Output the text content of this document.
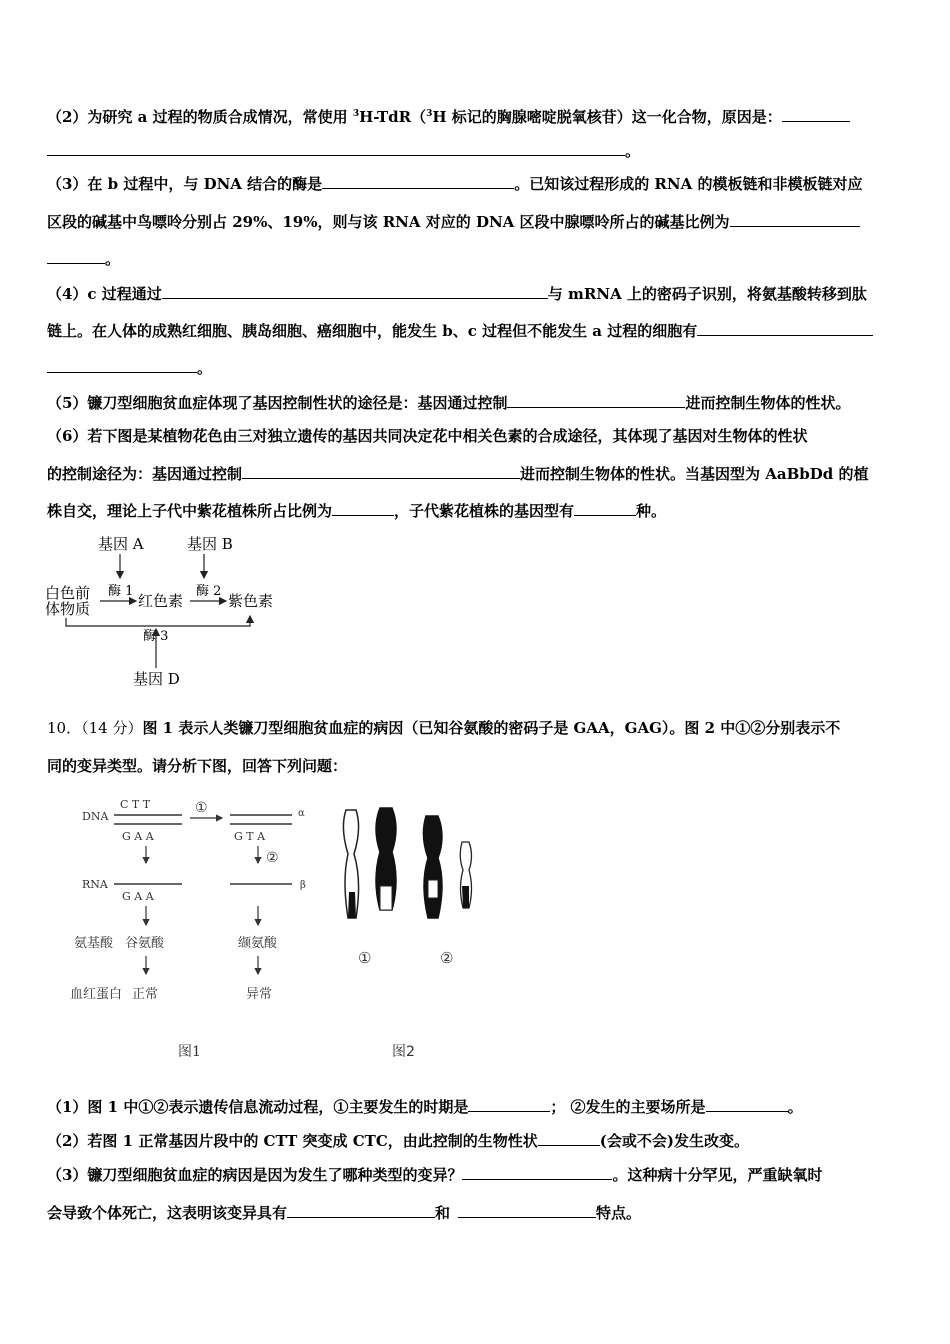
（2）为研究 a 过程的物质合成情况，常使用 $^3$H-TdR（$^3$H 标记的胸腺嘧啶脱氧核苷）这一化合物，原因是：
。
（3）在 b 过程中，与 DNA 结合的酶是	。已知该过程形成的 RNA 的模板链和非模板链对应
区段的碱基中鸟嘌呤分别占 29%、19%，则与该 RNA 对应的 DNA 区段中腺嘌呤所占的碱基比例为
。
（4）c 过程通过	与 mRNA 上的密码子识别，将氨基酸转移到肽
链上。在人体的成熟红细胞、胰岛细胞、癌细胞中，能发生 b、c 过程但不能发生 a 过程的细胞有
。
（5）镰刀型细胞贫血症体现了基因控制性状的途径是：基因通过控制	进而控制生物体的性状。
（6）若下图是某植物花色由三对独立遗传的基因共同决定花中相关色素的合成途径，其体现了基因对生物体的性状
的控制途径为：基因通过控制	进而控制生物体的性状。当基因型为 AaBbDd 的植
株自交，理论上子代中紫花植株所占比例为	，子代紫花植株的基因型有	种。
基因 A	基因 B
白色前
体物质
酶 1
红色素
酶 2
紫色素
酶 3
基因 D
10．（14 分）图 1 表示人类镰刀型细胞贫血症的病因（已知谷氨酸的密码子是 GAA，GAG）。图 2 中①②分别表示不
同的变异类型。请分析下图，回答下列问题：
DNA
C T T
G A A
①	α
G T A
②
RNA
G A A
β
氨基酸 谷氨酸	缬氨酸
血红蛋白 正常	异常
图1
①	②
图2
（1）图 1 中①②表示遗传信息流动过程，①主要发生的时期是	； ②发生的主要场所是	。
（2）若图 1 正常基因片段中的 CTT 突变成 CTC，由此控制的生物性状	(会或不会)发生改变。
（3）镰刀型细胞贫血症的病因是因为发生了哪种类型的变异？	。这种病十分罕见，严重缺氧时
会导致个体死亡，这表明该变异具有	和	特点。
